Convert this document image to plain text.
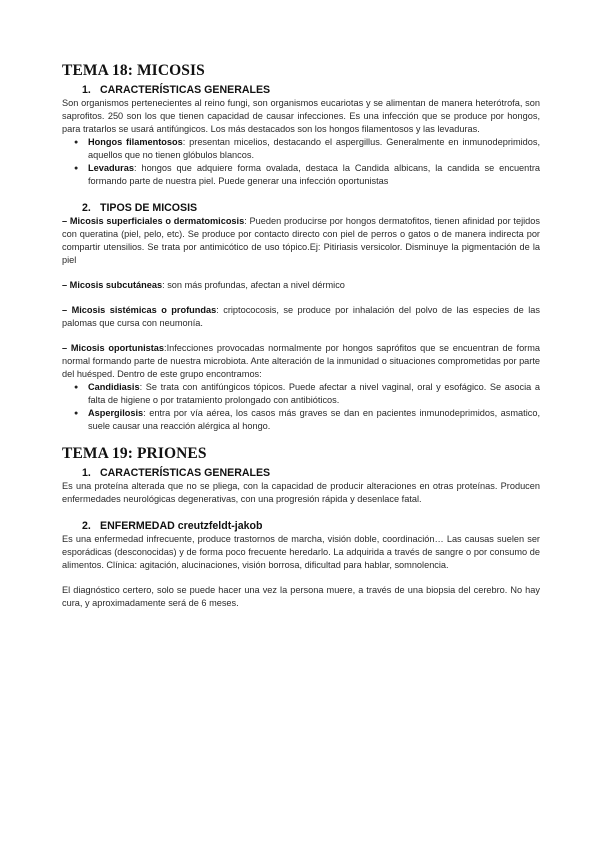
TEMA 18: MICOSIS
1. CARACTERÍSTICAS GENERALES

Son organismos pertenecientes al reino fungi, son organismos eucariotas y se alimentan de manera heterótrofa, son saprofitos. 250 son los que tienen capacidad de causar infecciones. Es una infección que se produce por hongos, para tratarlos se usará antifúngicos. Los más destacados son los hongos filamentosos y las levaduras.

● Hongos filamentosos: presentan micelios, destacando el aspergillus. Generalmente en inmunodeprimidos, aquellos que no tienen glóbulos blancos.
● Levaduras: hongos que adquiere forma ovalada, destaca la Candida albicans, la candida se encuentra formando parte de nuestra piel. Puede generar una infección oportunistas
2. TIPOS DE MICOSIS

– Micosis superficiales o dermatomicosis: Pueden producirse por hongos dermatofitos, tienen afinidad por tejidos con queratina (piel, pelo, etc). Se produce por contacto directo con piel de perros o gatos o de manera indirecta por compartir utensilios. Se trata por antimicótico de uso tópico.Ej: Pitiriasis versicolor. Disminuye la pigmentación de la piel

– Micosis subcutáneas: son más profundas, afectan a nivel dérmico

– Micosis sistémicas o profundas: criptococosis, se produce por inhalación del polvo de las especies de las palomas que cursa con neumonía.

– Micosis oportunistas:Infecciones provocadas normalmente por hongos saprófitos que se encuentran de forma normal formando parte de nuestra microbiota. Ante alteración de la inmunidad o situaciones comprometidas por parte del huésped. Dentro de este grupo encontramos:

● Candidiasis: Se trata con antifúngicos tópicos. Puede afectar a nivel vaginal, oral y esofágico. Se asocia a falta de higiene o por tratamiento prolongado con antibióticos.
● Aspergilosis: entra por vía aérea, los casos más graves se dan en pacientes inmunodeprimidos, asmatico, suele causar una reacción alérgica al hongo.
TEMA 19: PRIONES
1. CARACTERÍSTICAS GENERALES

Es una proteína alterada que no se pliega, con la capacidad de producir alteraciones en otras proteínas. Producen enfermedades neurológicas degenerativas, con una progresión rápida y desenlace fatal.

2. ENFERMEDAD creutzfeldt-jakob

Es una enfermedad infrecuente, produce trastornos de marcha, visión doble, coordinación… Las causas suelen ser esporádicas (desconocidas) y de forma poco frecuente heredarlo. La adquirida a través de sangre o por consumo de alimentos. Clínica: agitación, alucinaciones, visión borrosa, dificultad para hablar, somnolencia.

El diagnóstico certero, solo se puede hacer una vez la persona muere, a través de una biopsia del cerebro. No hay cura, y aproximadamente será de 6 meses.
